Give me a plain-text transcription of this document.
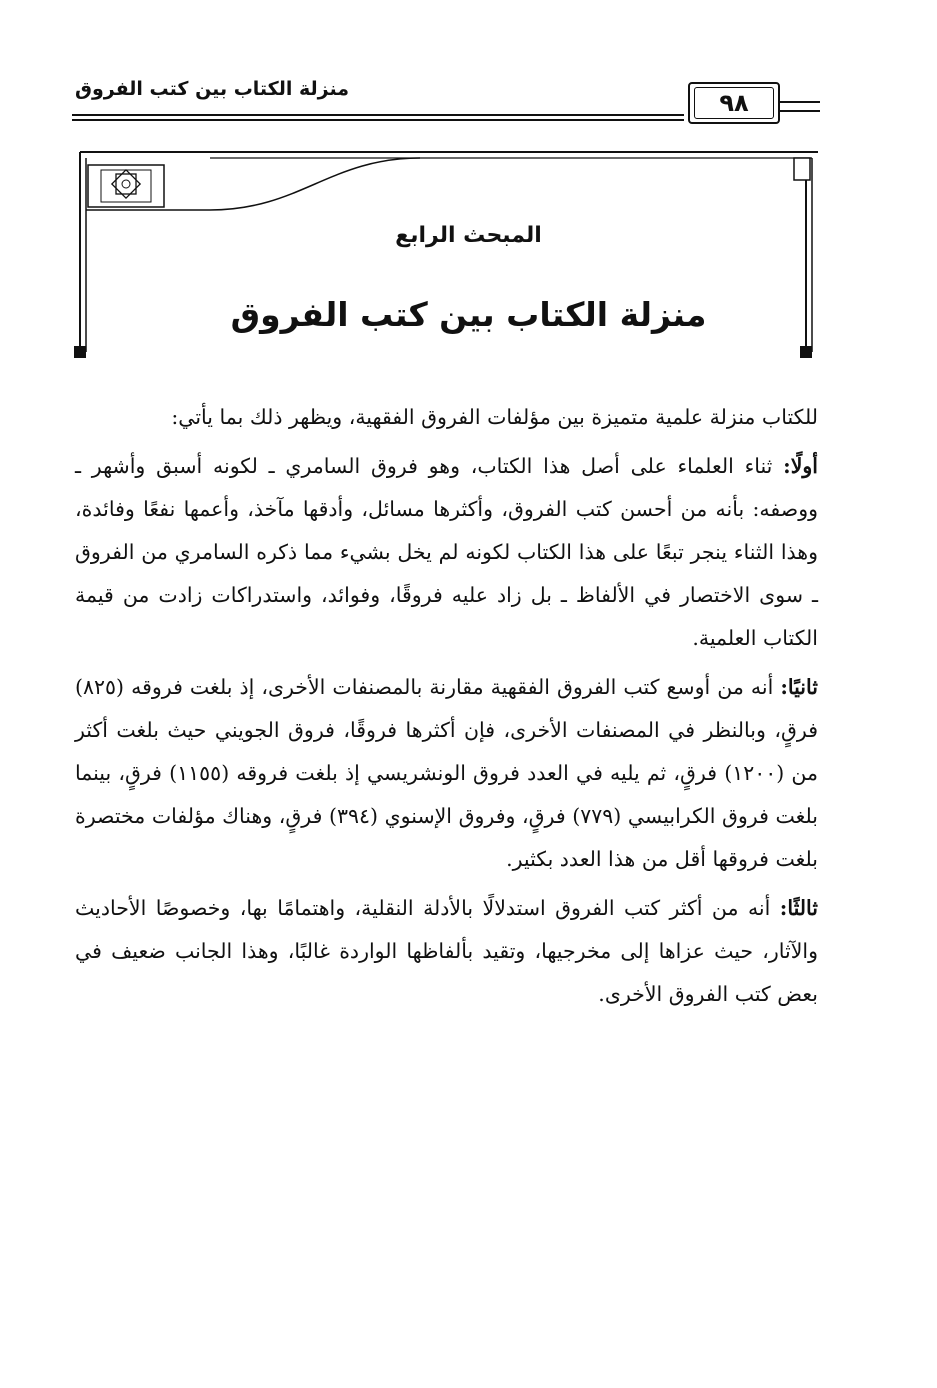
منزلة الكتاب بين كتب الفروق	٩٨
المبحث الرابع
منزلة الكتاب بين كتب الفروق

للكتاب منزلة علمية متميزة بين مؤلفات الفروق الفقهية، ويظهر ذلك بما يأتي:

أولًا: ثناء العلماء على أصل هذا الكتاب، وهو فروق السامري ـ لكونه أسبق وأشهر ـ ووصفه: بأنه من أحسن كتب الفروق، وأكثرها مسائل، وأدقها مآخذ، وأعمها نفعًا وفائدة، وهذا الثناء ينجر تبعًا على هذا الكتاب لكونه لم يخل بشيء مما ذكره السامري من الفروق ـ سوى الاختصار في الألفاظ ـ بل زاد عليه فروقًا، وفوائد، واستدراكات زادت من قيمة الكتاب العلمية.

ثانيًا: أنه من أوسع كتب الفروق الفقهية مقارنة بالمصنفات الأخرى، إذ بلغت فروقه (٨٢٥) فرقٍ، وبالنظر في المصنفات الأخرى، فإن أكثرها فروقًا، فروق الجويني حيث بلغت أكثر من (١٢٠٠) فرقٍ، ثم يليه في العدد فروق الونشريسي إذ بلغت فروقه (١١٥٥) فرقٍ، بينما بلغت فروق الكرابيسي (٧٧٩) فرقٍ، وفروق الإسنوي (٣٩٤) فرقٍ، وهناك مؤلفات مختصرة بلغت فروقها أقل من هذا العدد بكثير.

ثالثًا: أنه من أكثر كتب الفروق استدلالًا بالأدلة النقلية، واهتمامًا بها، وخصوصًا الأحاديث والآثار، حيث عزاها إلى مخرجيها، وتقيد بألفاظها الواردة غالبًا، وهذا الجانب ضعيف في بعض كتب الفروق الأخرى.
